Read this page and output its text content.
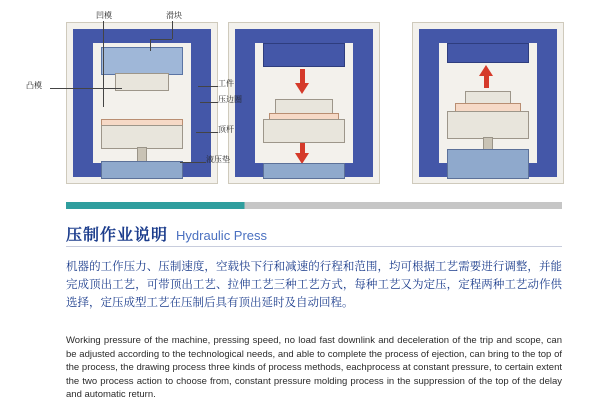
凹模	滑块
凸模	工件
压边圈
顶杆
液压垫
压制作业说明 Hydraulic Press
机器的工作压力、压制速度，空载快下行和减速的行程和范围，均可根据工艺需要进行调整，并能完成顶出工艺，可带顶出工艺、拉伸工艺三种工艺方式，每种工艺又为定压，定程两种工艺动作供选择，定压成型工艺在压制后具有顶出延时及自动回程。
Working pressure of the machine, pressing speed, no load fast downlink and deceleration of the trip and scope, can be adjusted according to the technological needs, and able to complete the process of ejection, can bring to the top of the process, the drawing process three kinds of process methods, eachprocess at constant pressure, to certain extent the two process action to choose from, constant pressure molding process in the suppression of the top of the delay and automatic return.
